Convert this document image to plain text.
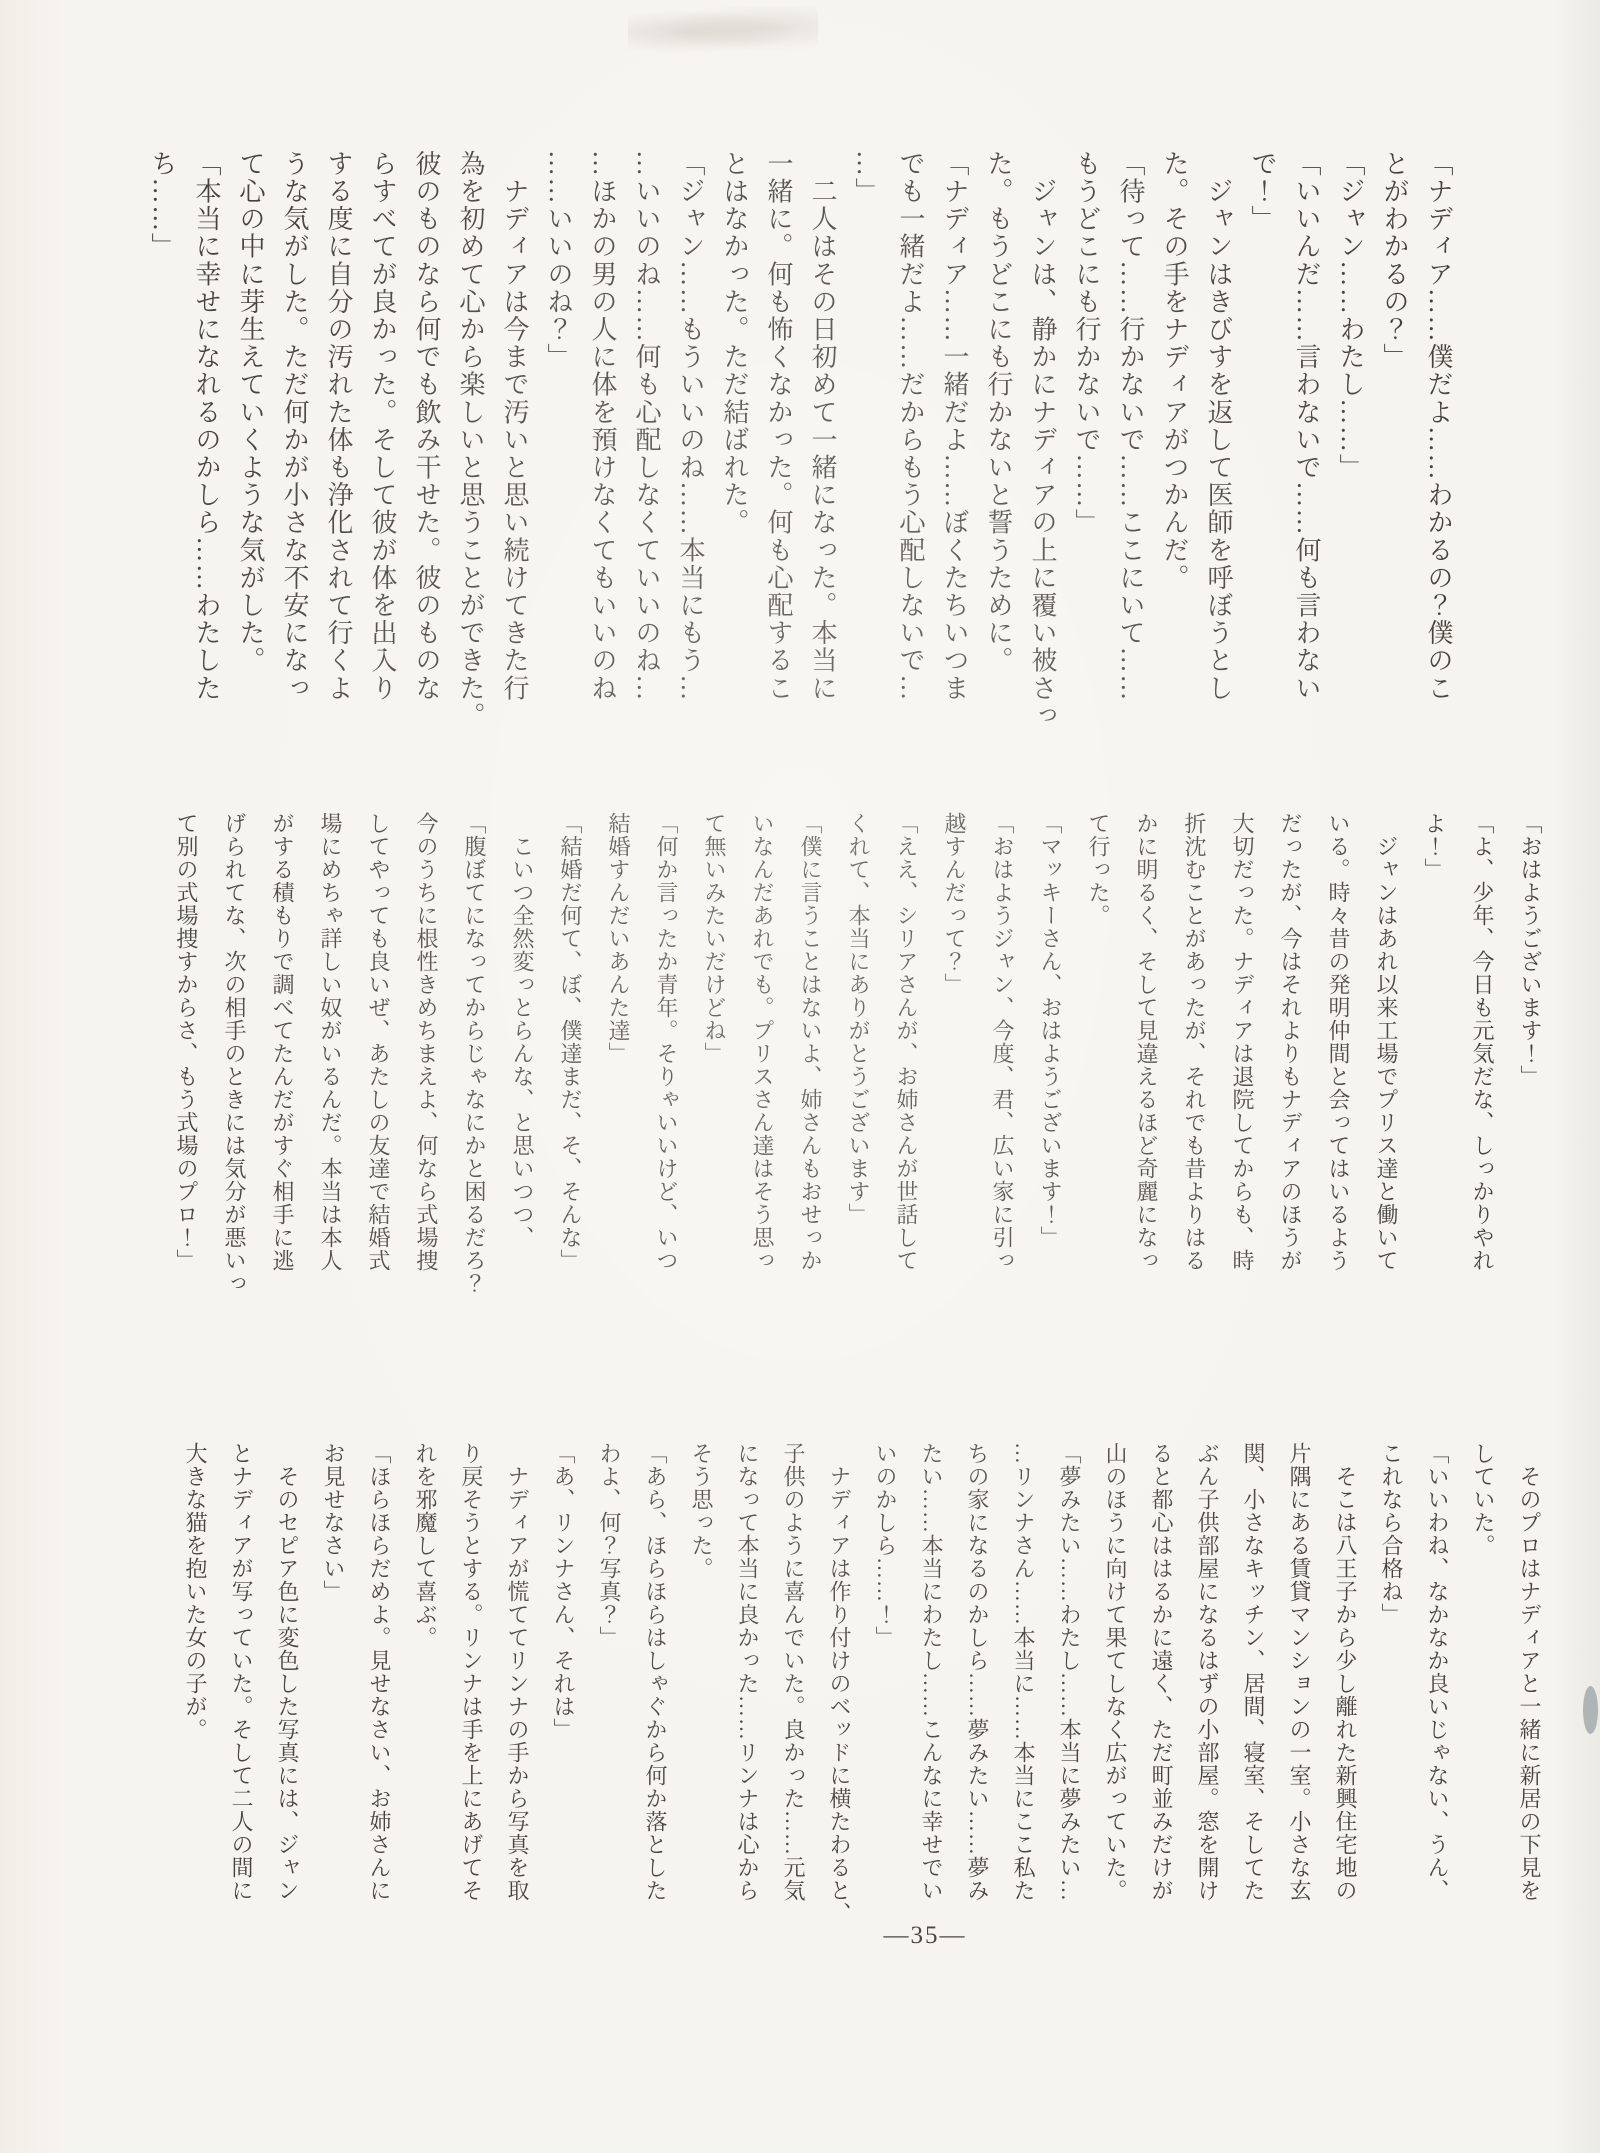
「ナディア……僕だよ……わかるの？僕のこ

とがわかるの？」

「ジャン……わたし……」

「いいんだ……言わないで……何も言わない

で！」

　ジャンはきびすを返して医師を呼ぼうとし

た。その手をナディアがつかんだ。

「待って……行かないで……ここにいて……

もうどこにも行かないで……」

　ジャンは、静かにナディアの上に覆い被さっ

た。もうどこにも行かないと誓うために。

「ナディア……一緒だよ……ぼくたちいつま

でも一緒だよ……だからもう心配しないで…

…」

　二人はその日初めて一緒になった。本当に

一緒に。何も怖くなかった。何も心配するこ

とはなかった。ただ結ばれた。

「ジャン……もういいのね……本当にもう…

…いいのね……何も心配しなくていいのね…

…ほかの男の人に体を預けなくてもいいのね

……いいのね？」

　ナディアは今まで汚いと思い続けてきた行

為を初めて心から楽しいと思うことができた。

彼のものなら何でも飲み干せた。彼のものな

らすべてが良かった。そして彼が体を出入り

する度に自分の汚れた体も浄化されて行くよ

うな気がした。ただ何かが小さな不安になっ

て心の中に芽生えていくような気がした。

「本当に幸せになれるのかしら……わたした

ち……」

「おはようございます！」

「よ、少年、今日も元気だな、しっかりやれ

よ！」

　ジャンはあれ以来工場でプリス達と働いて

いる。時々昔の発明仲間と会ってはいるよう

だったが、今はそれよりもナディアのほうが

大切だった。ナディアは退院してからも、時

折沈むことがあったが、それでも昔よりはる

かに明るく、そして見違えるほど奇麗になっ

て行った。

「マッキーさん、おはようございます！」

「おはようジャン、今度、君、広い家に引っ

越すんだって？」

「ええ、シリアさんが、お姉さんが世話して

くれて、本当にありがとうございます」

「僕に言うことはないよ、姉さんもおせっか

いなんだあれでも。プリスさん達はそう思っ

て無いみたいだけどね」

「何か言ったか青年。そりゃいいけど、いつ

結婚すんだいあんた達」

「結婚だ何て、ぼ、僕達まだ、そ、そんな」

　こいつ全然変っとらんな、と思いつつ、

「腹ぼてになってからじゃなにかと困るだろ？

今のうちに根性きめちまえよ、何なら式場捜

してやっても良いぜ、あたしの友達で結婚式

場にめちゃ詳しい奴がいるんだ。本当は本人

がする積もりで調べてたんだがすぐ相手に逃

げられてな、次の相手のときには気分が悪いっ

て別の式場捜すからさ、もう式場のプロ！」

　そのプロはナディアと一緒に新居の下見を

していた。

「いいわね、なかなか良いじゃない、うん、

これなら合格ね」

　そこは八王子から少し離れた新興住宅地の

片隅にある賃貸マンションの一室。小さな玄

関、小さなキッチン、居間、寝室、そしてた

ぶん子供部屋になるはずの小部屋。窓を開け

ると都心ははるかに遠く、ただ町並みだけが

山のほうに向けて果てしなく広がっていた。

「夢みたい……わたし……本当に夢みたい…

…リンナさん……本当に……本当にここ私た

ちの家になるのかしら……夢みたい……夢み

たい……本当にわたし……こんなに幸せでい

いのかしら……！」

　ナディアは作り付けのベッドに横たわると、

子供のように喜んでいた。良かった……元気

になって本当に良かった……リンナは心から

そう思った。

「あら、ほらほらはしゃぐから何か落とした

わよ、何？写真？」

「あ、リンナさん、それは」

　ナディアが慌ててリンナの手から写真を取

り戻そうとする。リンナは手を上にあげてそ

れを邪魔して喜ぶ。

「ほらほらだめよ。見せなさい、お姉さんに

お見せなさい」

　そのセピア色に変色した写真には、ジャン

とナディアが写っていた。そして二人の間に

大きな猫を抱いた女の子が。

―35―
